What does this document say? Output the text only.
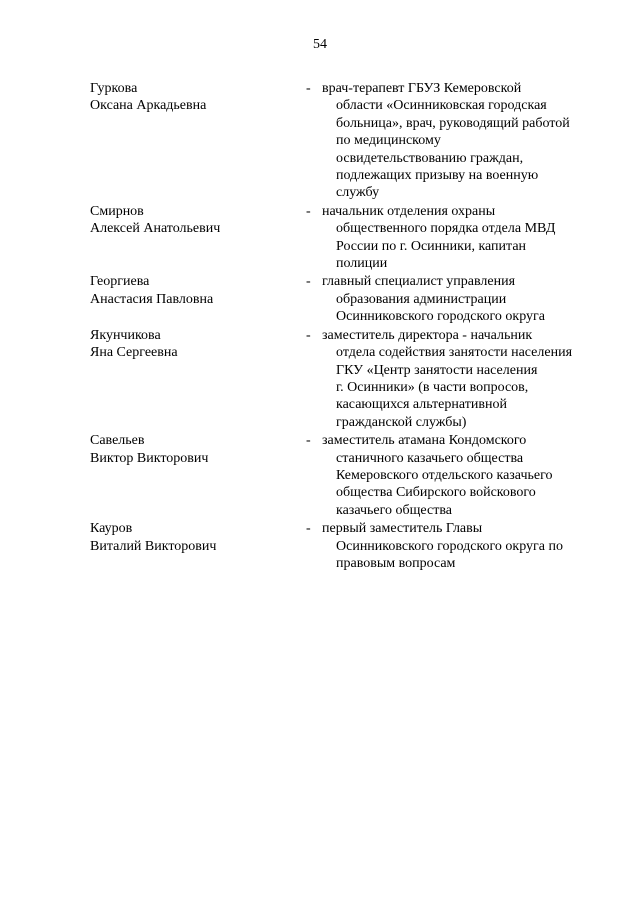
54
Гуркова
Оксана Аркадьевна
- врач-терапевт ГБУЗ Кемеровской
области «Осинниковская городская
больница», врач, руководящий работой
по медицинскому
освидетельствованию граждан,
подлежащих призыву на военную
службу
Смирнов
Алексей Анатольевич
- начальник отделения охраны
общественного порядка отдела МВД
России по г. Осинники, капитан
полиции
Георгиева
Анастасия Павловна
- главный специалист управления
образования администрации
Осинниковского городского округа
Якунчикова
Яна Сергеевна
- заместитель директора - начальник
отдела содействия занятости населения
ГКУ «Центр занятости населения
г. Осинники» (в части вопросов,
касающихся альтернативной
гражданской службы)
Савельев
Виктор Викторович
- заместитель атамана Кондомского
станичного казачьего общества
Кемеровского отдельского казачьего
общества Сибирского войскового
казачьего общества
Кауров
Виталий Викторович
- первый заместитель Главы
Осинниковского городского округа по
правовым вопросам
